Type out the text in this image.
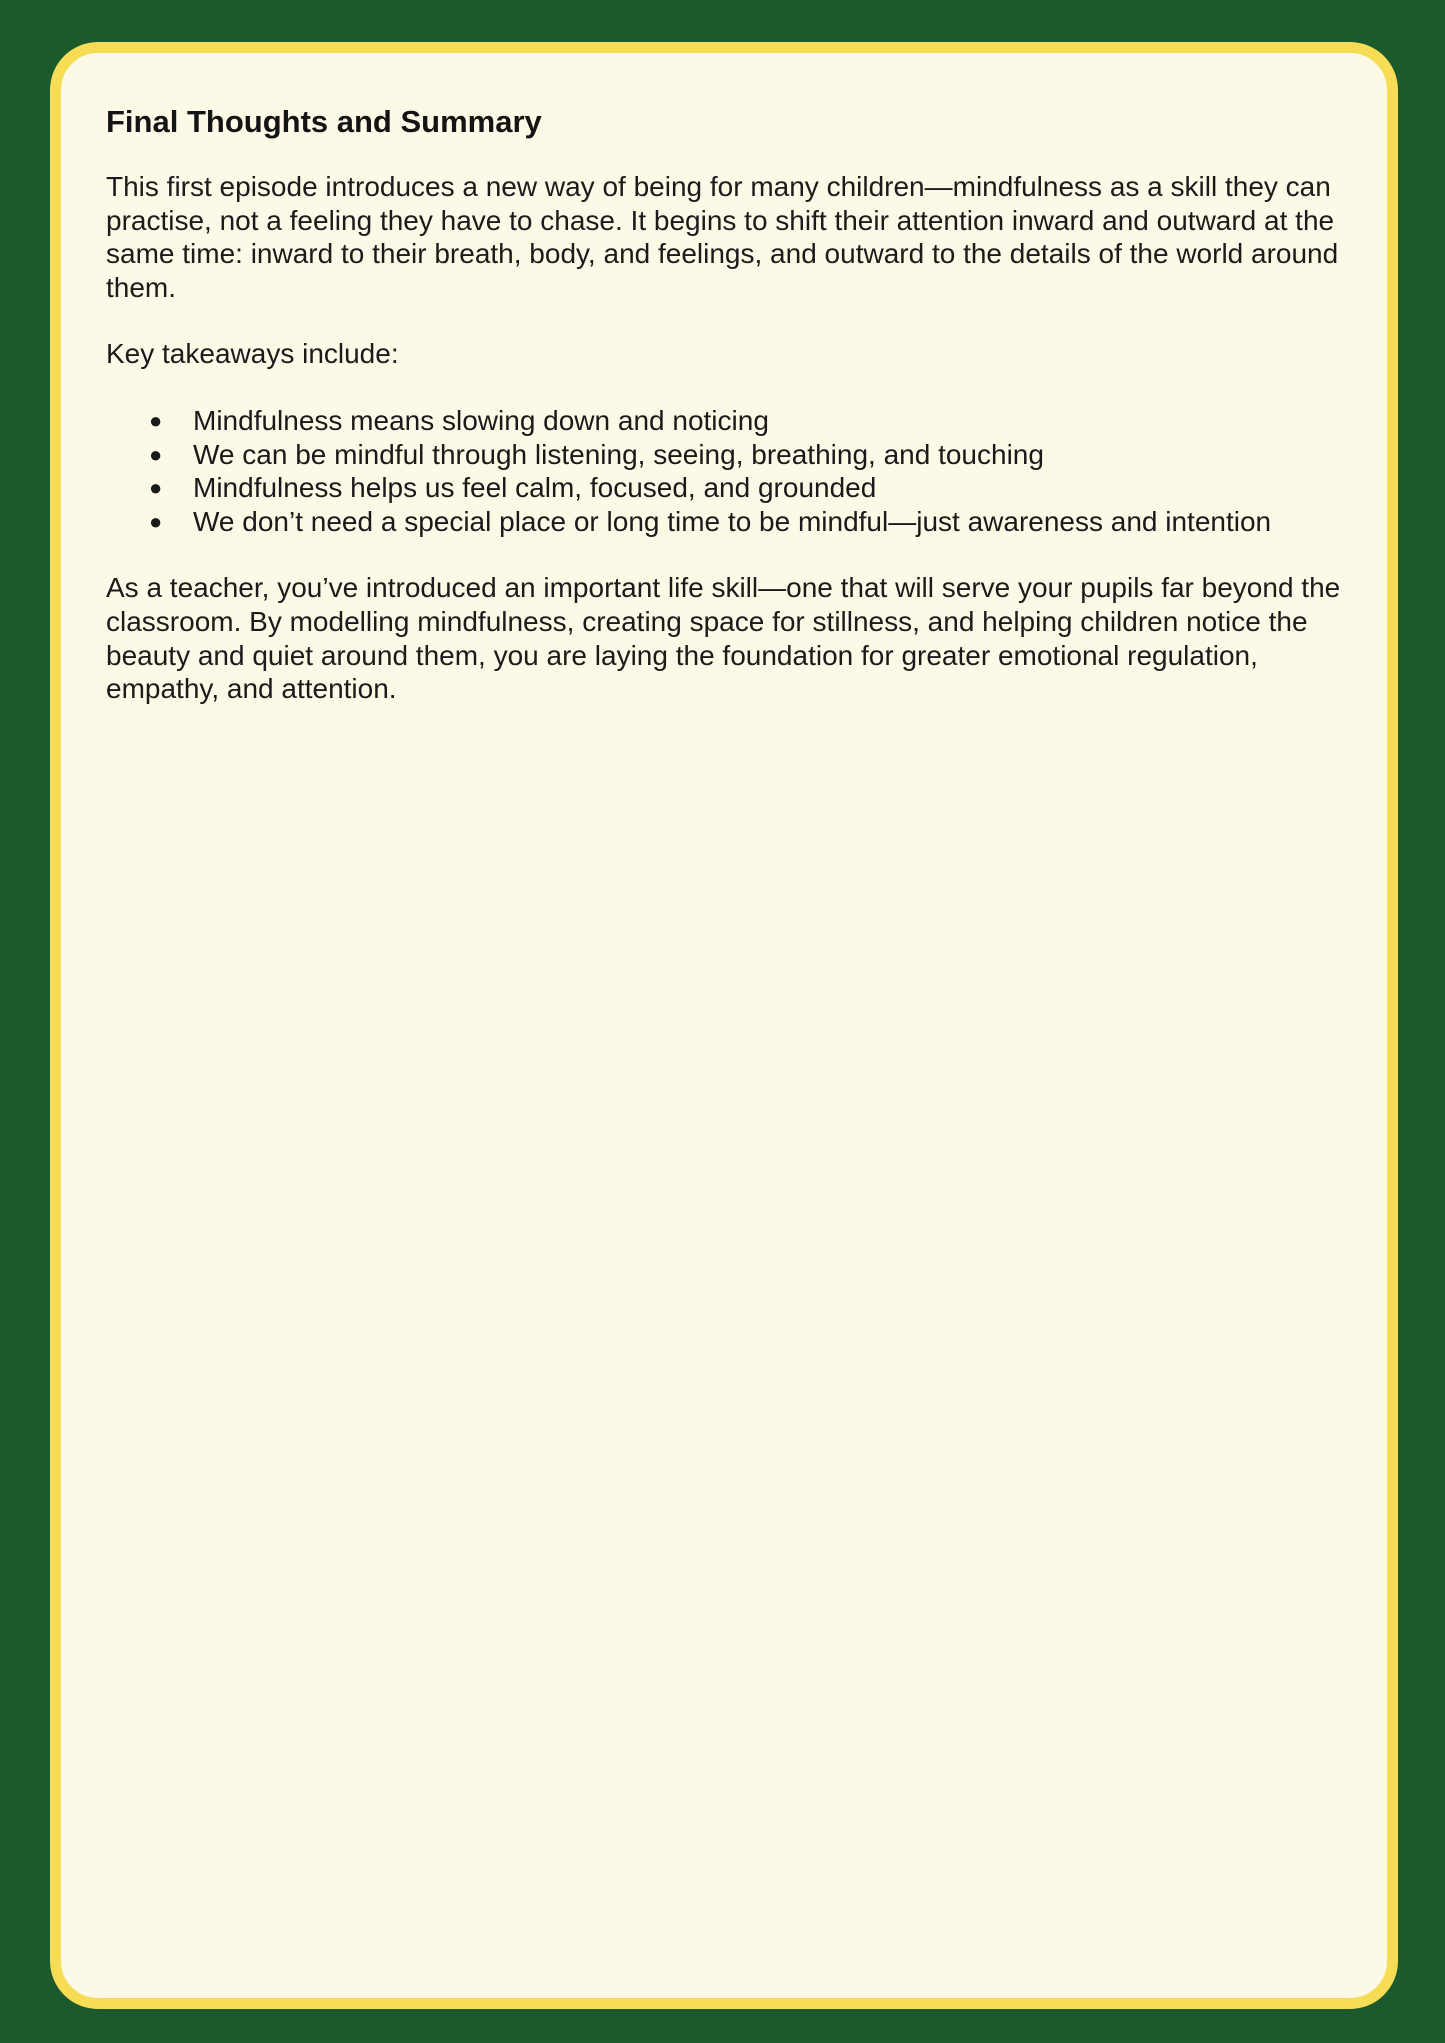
Final Thoughts and Summary

This first episode introduces a new way of being for many children—mindfulness as a skill they can practise, not a feeling they have to chase. It begins to shift their attention inward and outward at the same time: inward to their breath, body, and feelings, and outward to the details of the world around them.

Key takeaways include:

● Mindfulness means slowing down and noticing
● We can be mindful through listening, seeing, breathing, and touching
● Mindfulness helps us feel calm, focused, and grounded
● We don’t need a special place or long time to be mindful—just awareness and intention

As a teacher, you’ve introduced an important life skill—one that will serve your pupils far beyond the classroom. By modelling mindfulness, creating space for stillness, and helping children notice the beauty and quiet around them, you are laying the foundation for greater emotional regulation, empathy, and attention.
